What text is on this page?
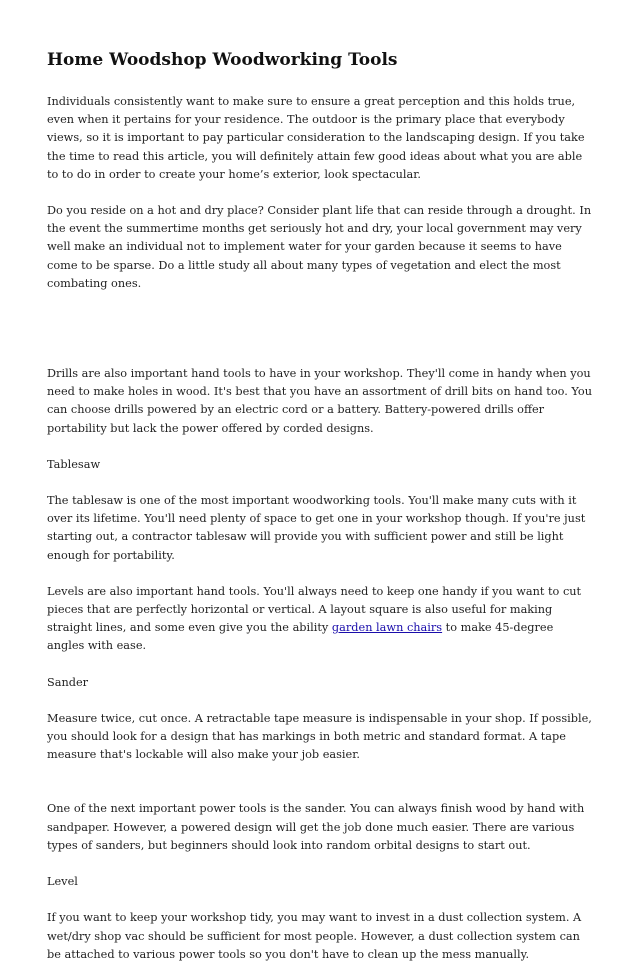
Home Woodshop Woodworking Tools

Individuals consistently want to make sure to ensure a great perception and this holds true, even when it pertains for your residence. The outdoor is the primary place that everybody views, so it is important to pay particular consideration to the landscaping design. If you take the time to read this article, you will definitely attain few good ideas about what you are able to to do in order to create your home’s exterior, look spectacular.

Do you reside on a hot and dry place? Consider plant life that can reside through a drought. In the event the summertime months get seriously hot and dry, your local government may very well make an individual not to implement water for your garden because it seems to have come to be sparse. Do a little study all about many types of vegetation and elect the most combating ones.

Drills are also important hand tools to have in your workshop. They'll come in handy when you need to make holes in wood. It's best that you have an assortment of drill bits on hand too. You can choose drills powered by an electric cord or a battery. Battery-powered drills offer portability but lack the power offered by corded designs.

Tablesaw

The tablesaw is one of the most important woodworking tools. You'll make many cuts with it over its lifetime. You'll need plenty of space to get one in your workshop though. If you're just starting out, a contractor tablesaw will provide you with sufficient power and still be light enough for portability.

Levels are also important hand tools. You'll always need to keep one handy if you want to cut pieces that are perfectly horizontal or vertical. A layout square is also useful for making straight lines, and some even give you the ability garden lawn chairs to make 45-degree angles with ease.

Sander

Measure twice, cut once. A retractable tape measure is indispensable in your shop. If possible, you should look for a design that has markings in both metric and standard format. A tape measure that's lockable will also make your job easier.

One of the next important power tools is the sander. You can always finish wood by hand with sandpaper. However, a powered design will get the job done much easier. There are various types of sanders, but beginners should look into random orbital designs to start out.

Level

If you want to keep your workshop tidy, you may want to invest in a dust collection system. A wet/dry shop vac should be sufficient for most people. However, a dust collection system can be attached to various power tools so you don't have to clean up the mess manually.
